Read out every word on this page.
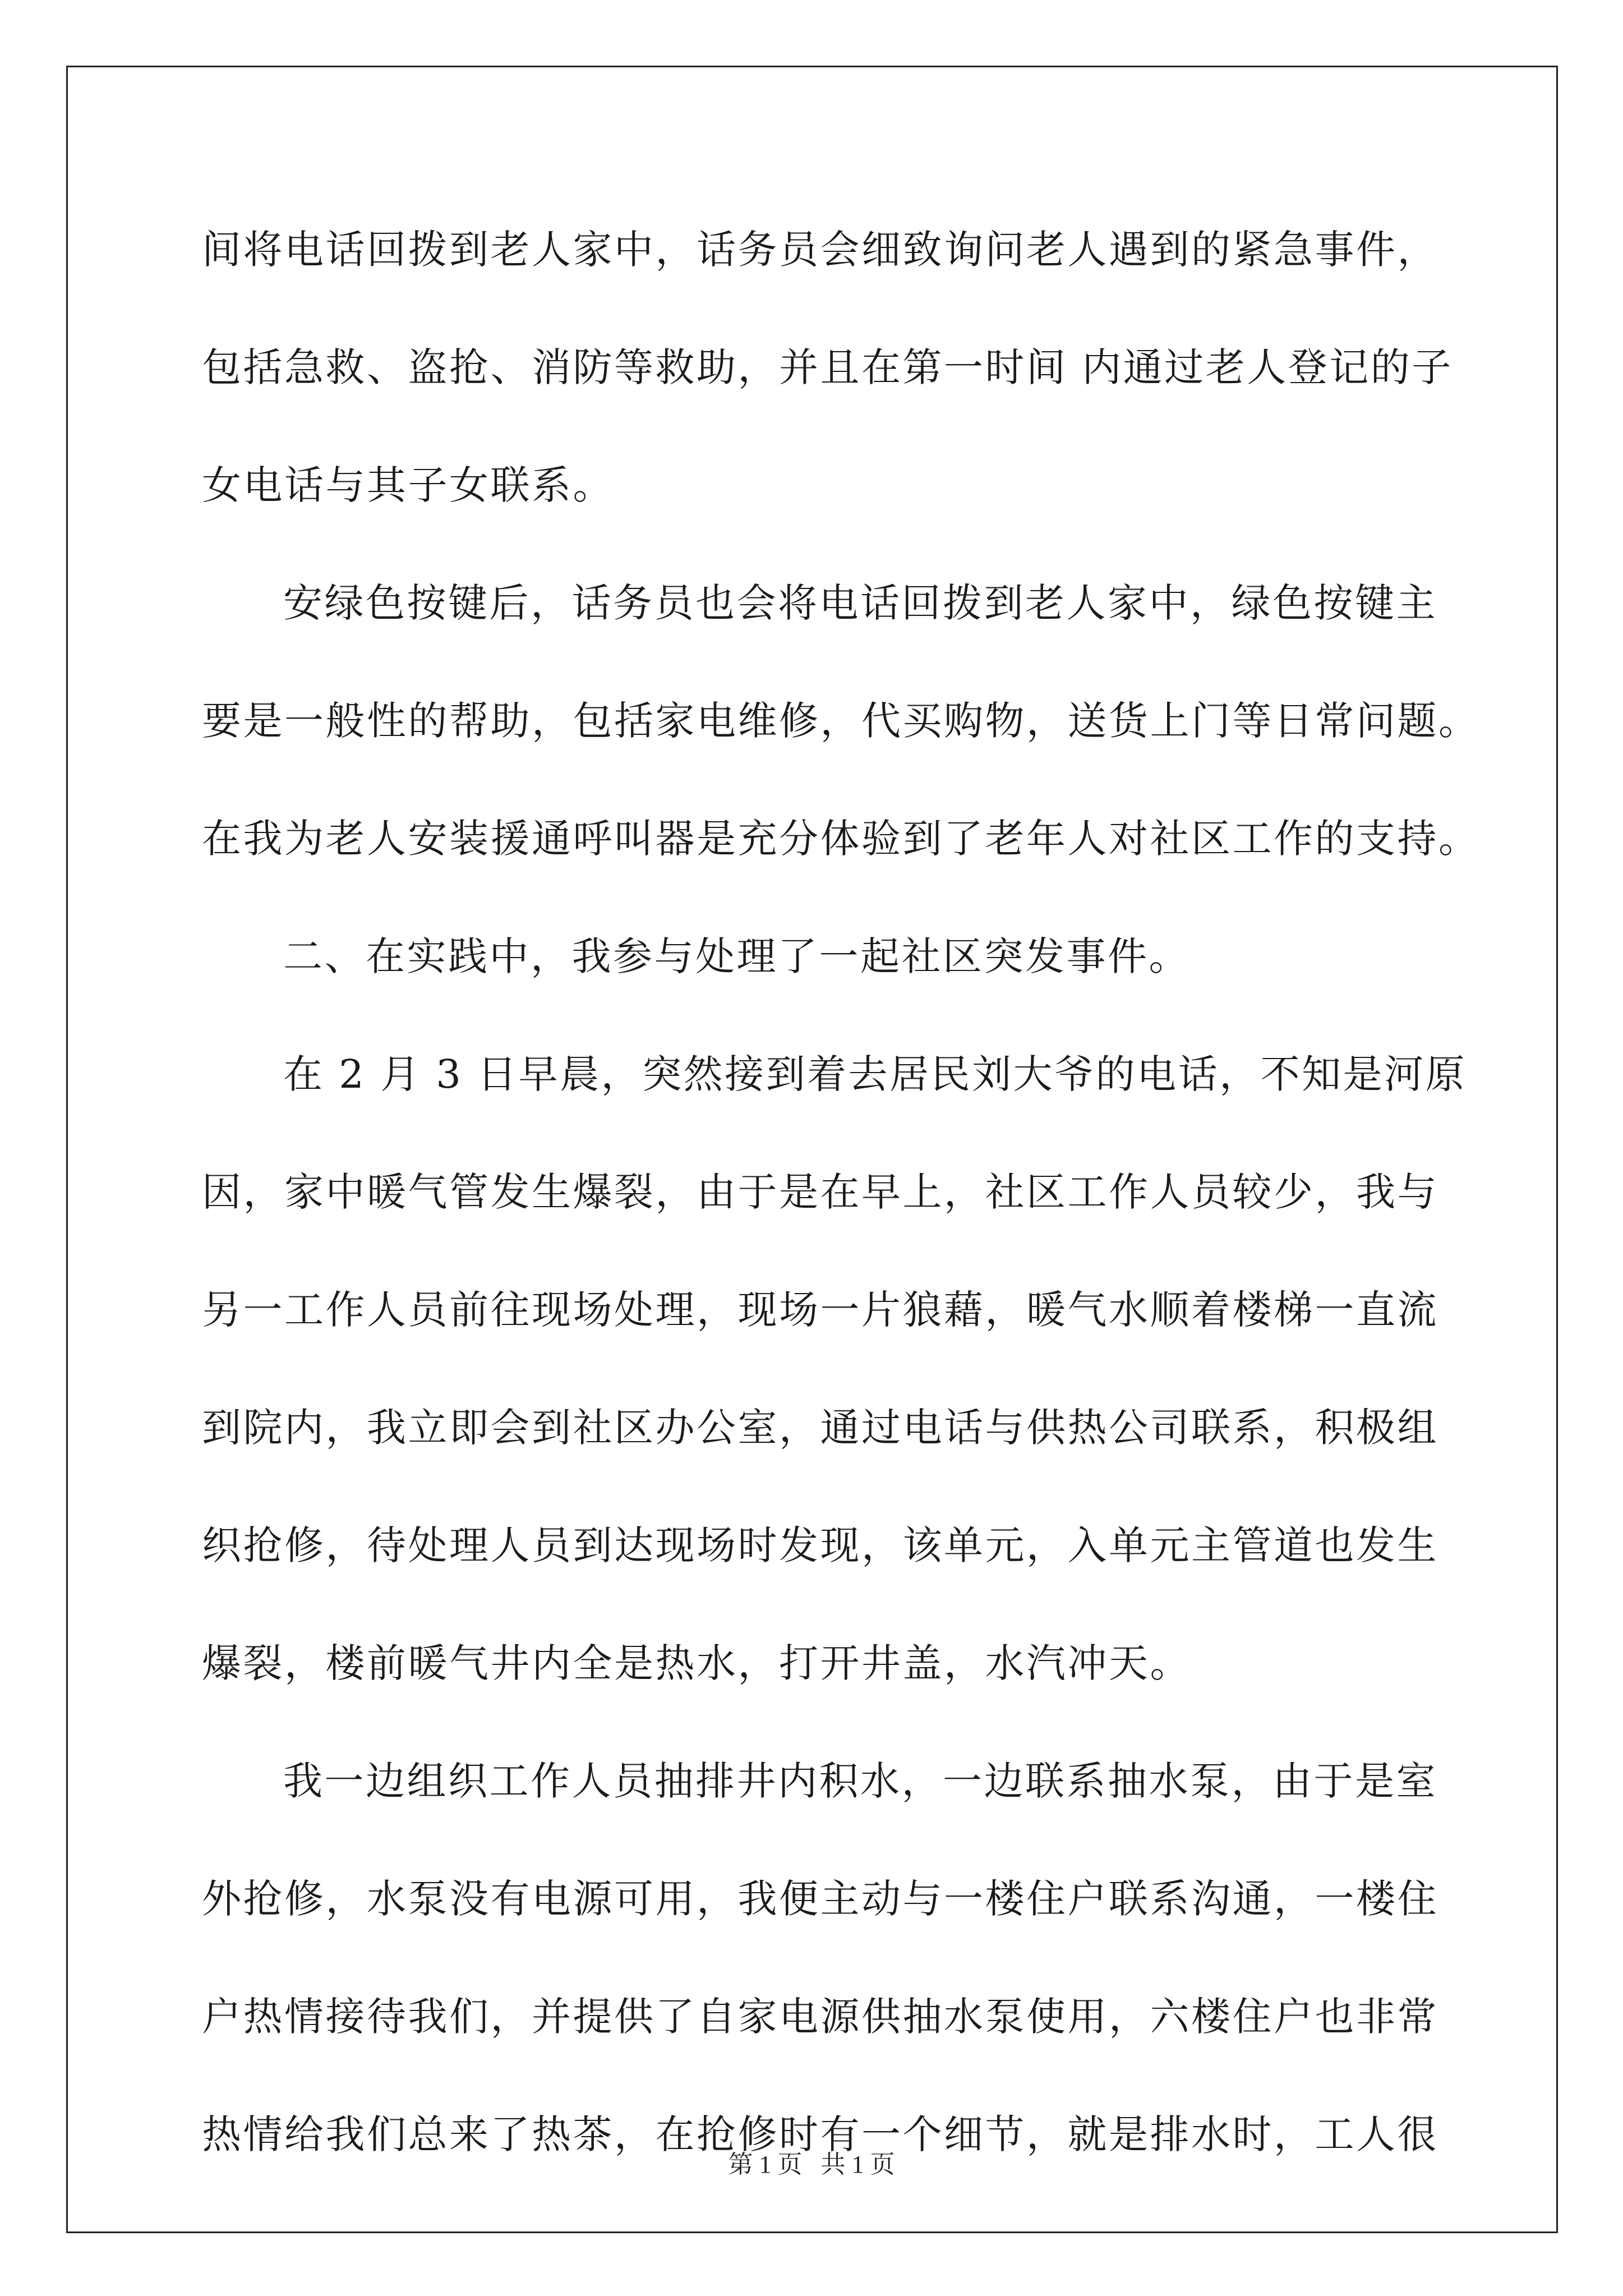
间将电话回拨到老人家中，话务员会细致询问老人遇到的紧急事件，
包括急救、盗抢、消防等救助，并且在第一时间 内通过老人登记的子
女电话与其子女联系。
安绿色按键后，话务员也会将电话回拨到老人家中，绿色按键主
要是一般性的帮助，包括家电维修，代买购物，送货上门等日常问题。
在我为老人安装援通呼叫器是充分体验到了老年人对社区工作的支持。
二、在实践中，我参与处理了一起社区突发事件。
在 2 月 3 日早晨，突然接到着去居民刘大爷的电话，不知是河原
因，家中暖气管发生爆裂，由于是在早上，社区工作人员较少，我与
另一工作人员前往现场处理，现场一片狼藉，暖气水顺着楼梯一直流
到院内，我立即会到社区办公室，通过电话与供热公司联系，积极组
织抢修，待处理人员到达现场时发现，该单元，入单元主管道也发生
爆裂，楼前暖气井内全是热水，打开井盖，水汽冲天。
我一边组织工作人员抽排井内积水，一边联系抽水泵，由于是室
外抢修，水泵没有电源可用，我便主动与一楼住户联系沟通，一楼住
户热情接待我们，并提供了自家电源供抽水泵使用，六楼住户也非常
热情给我们总来了热茶，在抢修时有一个细节，就是排水时，工人很
第 1 页   共 1 页
